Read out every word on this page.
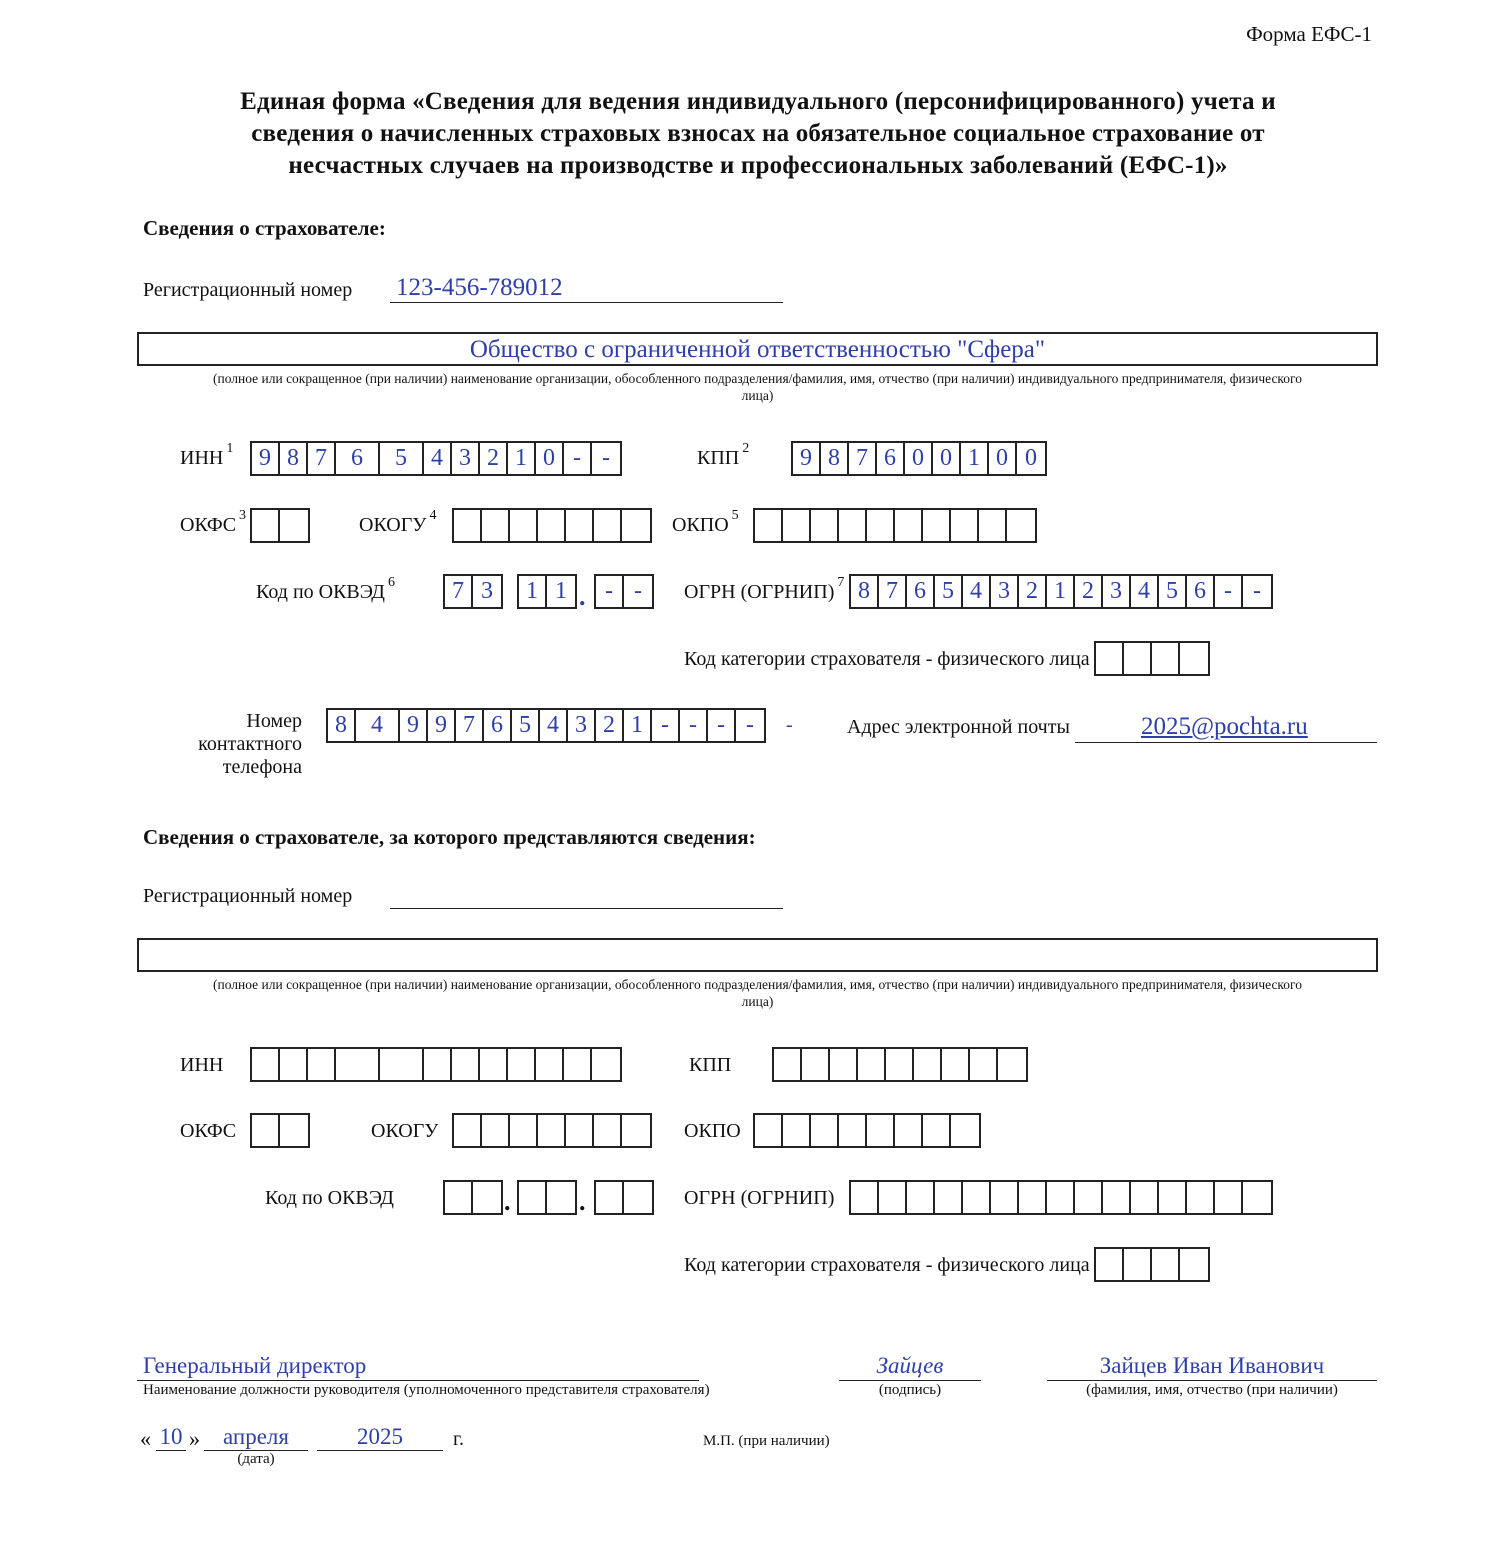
Форма ЕФС-1
Единая форма «Сведения для ведения индивидуального (персонифицированного) учета и
сведения о начисленных страховых взносах на обязательное социальное страхование от
несчастных случаев на производстве и профессиональных заболеваний (ЕФС-1)»
Сведения о страхователе:
Регистрационный номер 123-456-789012
Общество с ограниченной ответственностью "Сфера"
(полное или сокращенное (при наличии) наименование организации, обособленного подразделения/фамилия, имя, отчество (при наличии) индивидуального предпринимателя, физического
лица)
ИНН $^1$ 9 8 7	6	5	4 3 2 1 0 - -	КПП $^2$ 9 8 7 6 0 0 1 0 0
ОКФС $^3$	ОКОГУ $^4$	ОКПО $^5$
Код по ОКВЭД $^6$ 7 3	1 1 . - -	ОГРН (ОГРНИП) $^7$ 8 7 6 5 4 3 2 1 2 3 4 5 6 - -
Код категории страхователя - физического лица
Номер
контактного
телефона
8	4	9 9 7 6 5 4 3 2 1 - - - -	-	Адрес электронной почты	2025@pochta.ru
Сведения о страхователе, за которого представляются сведения:
Регистрационный номер
(полное или сокращенное (при наличии) наименование организации, обособленного подразделения/фамилия, имя, отчество (при наличии) индивидуального предпринимателя, физического
лица)
ИНН	КПП
ОКФС	ОКОГУ	ОКПО
Код по ОКВЭД	.	.	ОГРН (ОГРНИП)
Код категории страхователя - физического лица
Генеральный директор
Наименование должности руководителя (уполномоченного представителя страхователя)
Зайцев
(подпись)
Зайцев Иван Иванович
(фамилия, имя, отчество (при наличии)
« 10 »	апреля
(дата)
2025	г.	М.П. (при наличии)
